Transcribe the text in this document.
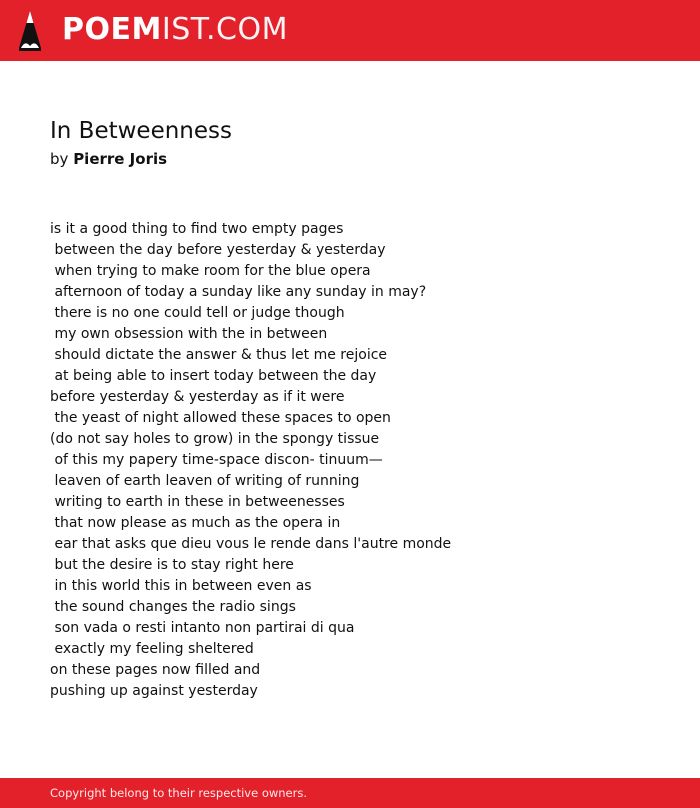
POEMIST.COM
In Betweenness
by Pierre Joris
is it a good thing to find two empty pages
between the day before yesterday & yesterday
when trying to make room for the blue opera
afternoon of today a sunday like any sunday in may?
there is no one could tell or judge though
my own obsession with the in between
should dictate the answer & thus let me rejoice
at being able to insert today between the day
before yesterday & yesterday as if it were
the yeast of night allowed these spaces to open
(do not say holes to grow) in the spongy tissue
of this my papery time-space discon- tinuum—
leaven of earth leaven of writing of running
writing to earth in these in betweenesses
that now please as much as the opera in
ear that asks que dieu vous le rende dans l'autre monde
but the desire is to stay right here
in this world this in between even as
the sound changes the radio sings
son vada o resti intanto non partirai di qua
exactly my feeling sheltered
on these pages now filled and
pushing up against yesterday
Copyright belong to their respective owners.
